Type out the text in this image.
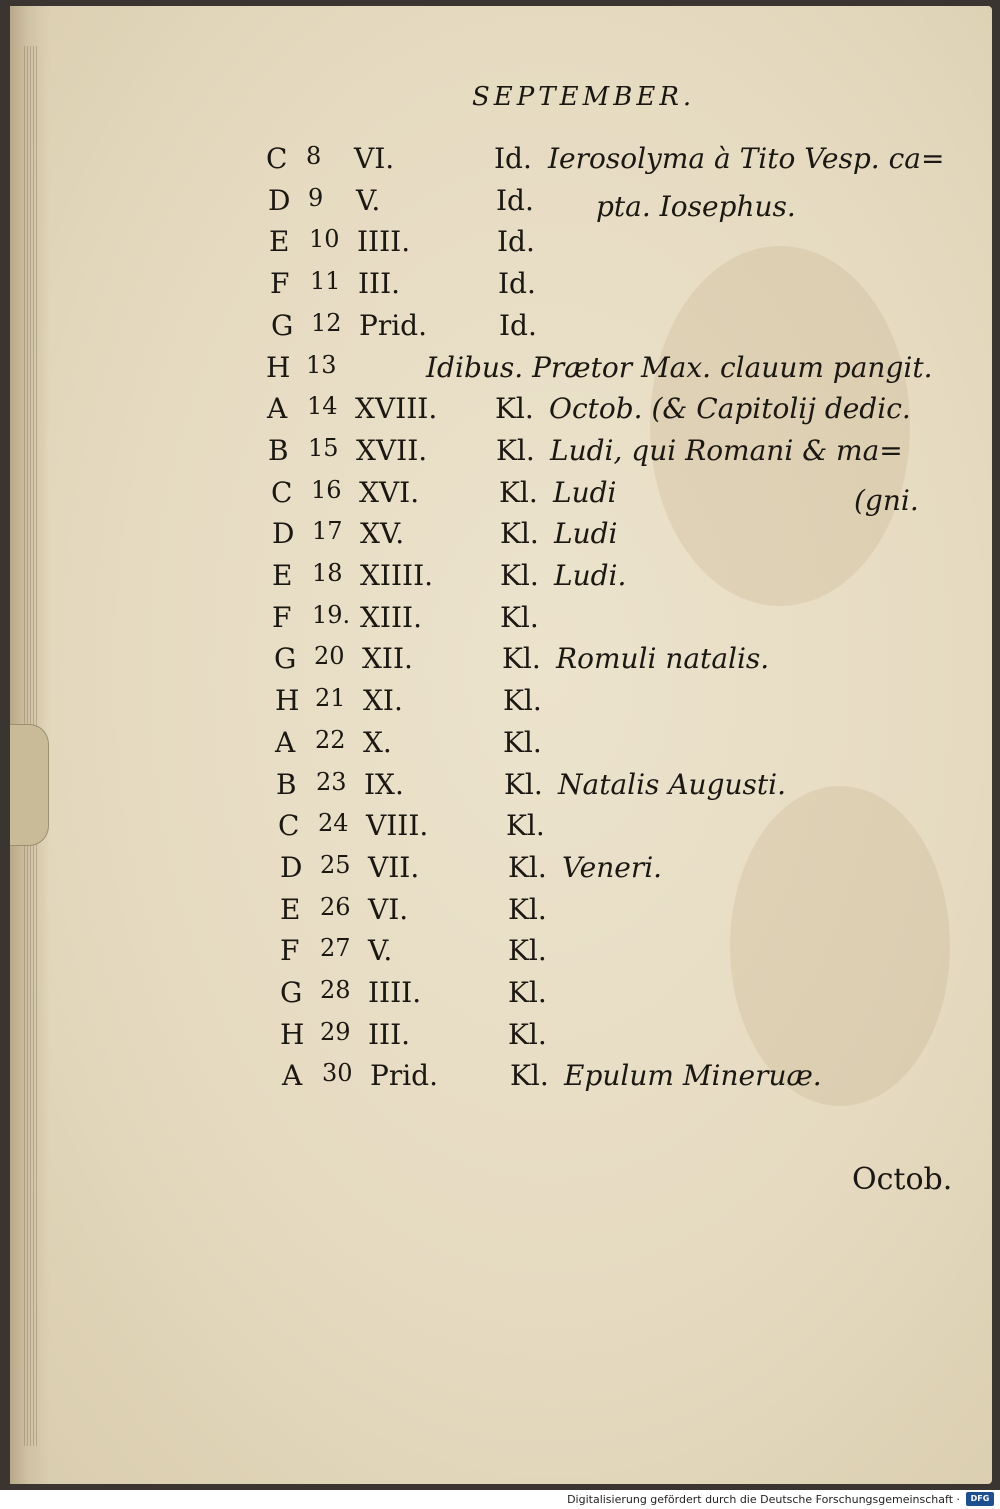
SEPTEMBER.
C 8 VI.	Id. Ierosolyma à Tito Vesp. ca=
D 9 V.	Id.
E 10 IIII.	Id.
F 11 III.	Id.
G 12 Prid.	Id.
H 13	Idibus. Prætor Max. clauum pangit.
A 14 XVIII. Kl. Octob. (& Capitolij dedic.
B 15 XVII. Kl. Ludi, qui Romani & ma=
C 16 XVI.	Kl. Ludi
D 17 XV.	Kl. Ludi
E 18 XIIII. Kl. Ludi.
F 19. XIII.	Kl.
G 20 XII.	Kl. Romuli natalis.
H 21 XI.	Kl.
A 22 X.	Kl.
B 23 IX.	Kl. Natalis Augusti.
C 24 VIII.	Kl.
D 25 VII.	Kl. Veneri.
E 26 VI.	Kl.
F 27 V.	Kl.
G 28 IIII.	Kl.
H 29 III.	Kl.
A 30 Prid.	Kl. Epulum Mineruæ.
pta. Iosephus.
(gni.
Octob.
Digitalisierung gefördert durch die Deutsche Forschungsgemeinschaft ·	DFG
